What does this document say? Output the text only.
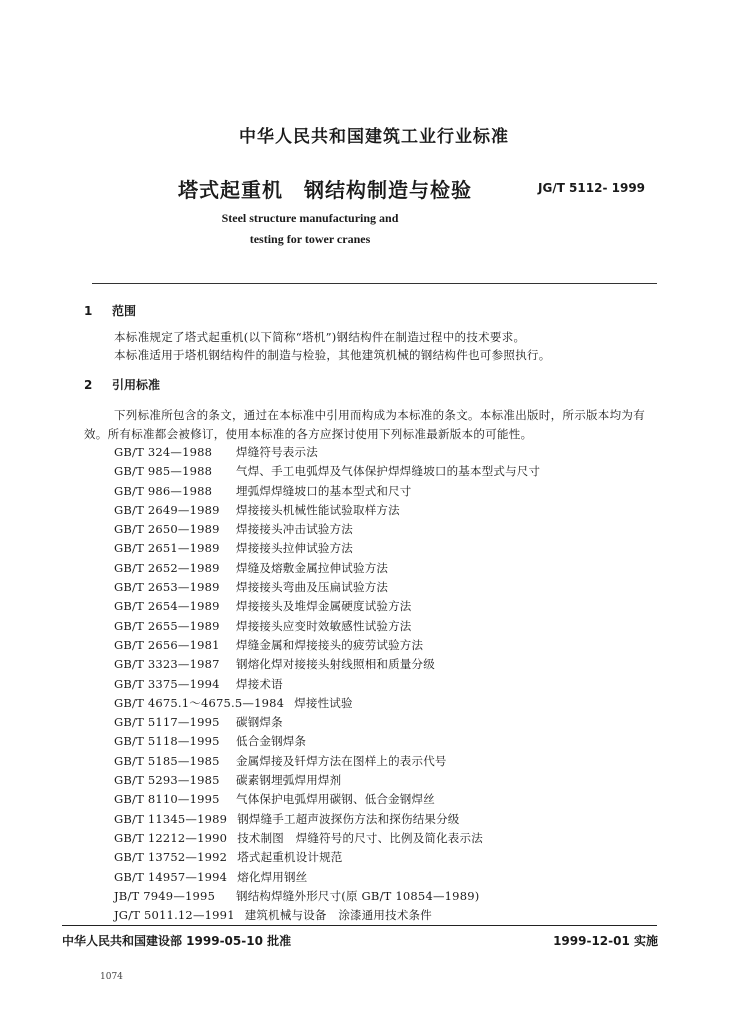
中华人民共和国建筑工业行业标准
塔式起重机　钢结构制造与检验	JG/T 5112- 1999
Steel structure manufacturing and
testing for tower cranes
1 范围
本标准规定了塔式起重机(以下简称“塔机”)钢结构件在制造过程中的技术要求。
本标准适用于塔机钢结构件的制造与检验，其他建筑机械的钢结构件也可参照执行。
2 引用标准
下列标准所包含的条文，通过在本标准中引用而构成为本标准的条文。本标准出版时，所示版本均为有效。所有标准都会被修订，使用本标准的各方应探讨使用下列标准最新版本的可能性。
GB/T 324—1988 焊缝符号表示法
GB/T 985—1988 气焊、手工电弧焊及气体保护焊焊缝坡口的基本型式与尺寸
GB/T 986—1988 埋弧焊焊缝坡口的基本型式和尺寸
GB/T 2649—1989 焊接接头机械性能试验取样方法
GB/T 2650—1989 焊接接头冲击试验方法
GB/T 2651—1989 焊接接头拉伸试验方法
GB/T 2652—1989 焊缝及熔敷金属拉伸试验方法
GB/T 2653—1989 焊接接头弯曲及压扁试验方法
GB/T 2654—1989 焊接接头及堆焊金属硬度试验方法
GB/T 2655—1989 焊接接头应变时效敏感性试验方法
GB/T 2656—1981 焊缝金属和焊接接头的疲劳试验方法
GB/T 3323—1987 钢熔化焊对接接头射线照相和质量分级
GB/T 3375—1994 焊接术语
GB/T 4675.1～4675.5—1984 焊接性试验
GB/T 5117—1995 碳钢焊条
GB/T 5118—1995 低合金钢焊条
GB/T 5185—1985 金属焊接及钎焊方法在图样上的表示代号
GB/T 5293—1985 碳素钢埋弧焊用焊剂
GB/T 8110—1995 气体保护电弧焊用碳钢、低合金钢焊丝
GB/T 11345—1989 钢焊缝手工超声波探伤方法和探伤结果分级
GB/T 12212—1990 技术制图　焊缝符号的尺寸、比例及简化表示法
GB/T 13752—1992 塔式起重机设计规范
GB/T 14957—1994 熔化焊用钢丝
JB/T 7949—1995 钢结构焊缝外形尺寸(原 GB/T 10854—1989)
JG/T 5011.12—1991 建筑机械与设备　涂漆通用技术条件
中华人民共和国建设部 1999-05-10 批准	1999-12-01 实施
1074
